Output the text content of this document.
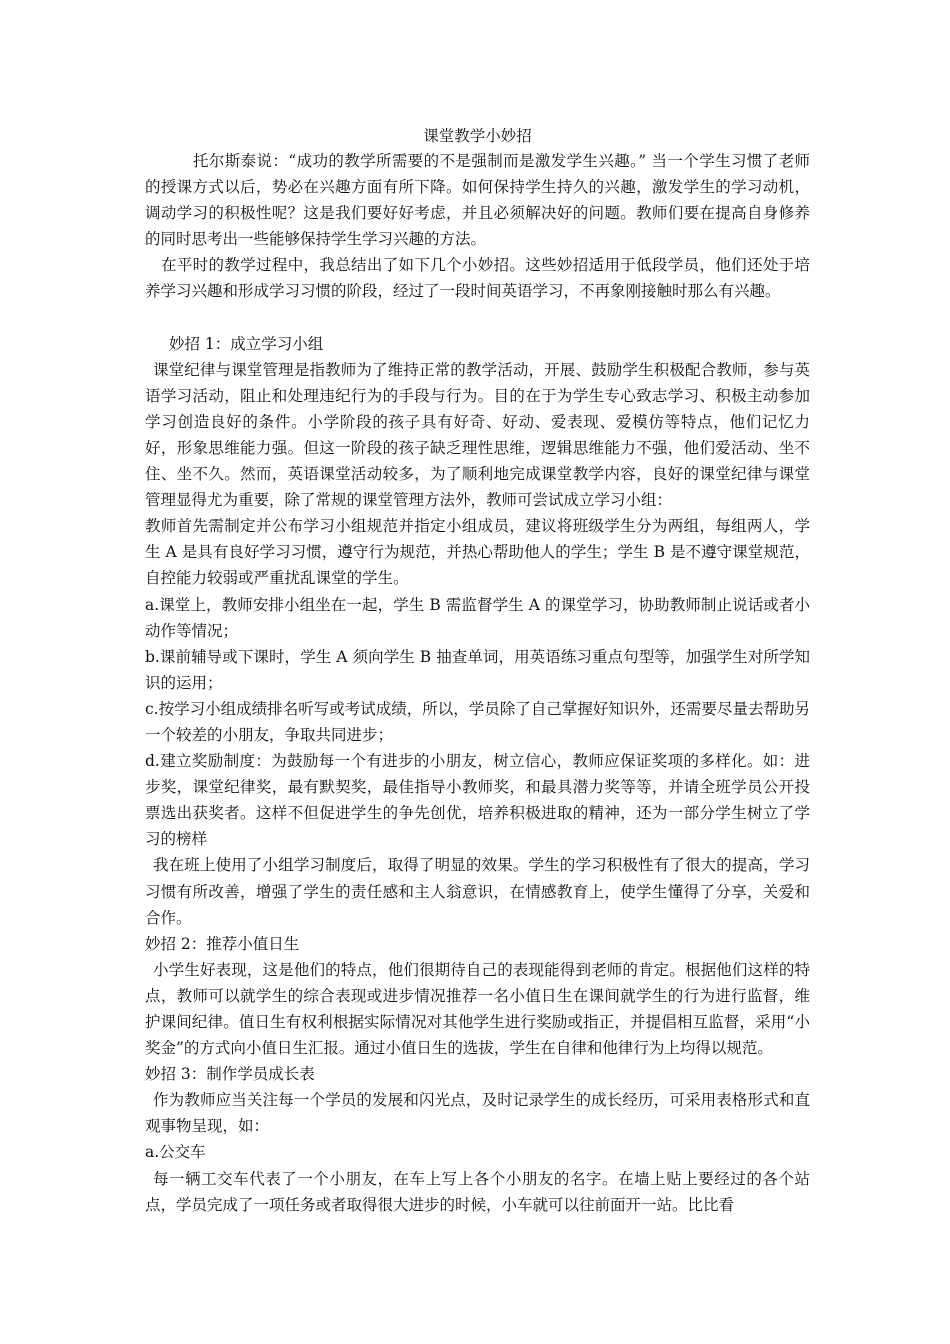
课堂教学小妙招

托尔斯泰说：“成功的教学所需要的不是强制而是激发学生兴趣。” 当一个学生习惯了老师的授课方式以后，势必在兴趣方面有所下降。如何保持学生持久的兴趣，激发学生的学习动机，调动学习的积极性呢？这是我们要好好考虑，并且必须解决好的问题。教师们要在提高自身修养的同时思考出一些能够保持学生学习兴趣的方法。

在平时的教学过程中，我总结出了如下几个小妙招。这些妙招适用于低段学员，他们还处于培养学习兴趣和形成学习习惯的阶段，经过了一段时间英语学习，不再象刚接触时那么有兴趣。

妙招 1：成立学习小组

课堂纪律与课堂管理是指教师为了维持正常的教学活动，开展、鼓励学生积极配合教师，参与英语学习活动，阻止和处理违纪行为的手段与行为。目的在于为学生专心致志学习、积极主动参加学习创造良好的条件。小学阶段的孩子具有好奇、好动、爱表现、爱模仿等特点，他们记忆力好，形象思维能力强。但这一阶段的孩子缺乏理性思维，逻辑思维能力不强，他们爱活动、坐不住、坐不久。然而，英语课堂活动较多，为了顺利地完成课堂教学内容，良好的课堂纪律与课堂管理显得尤为重要，除了常规的课堂管理方法外，教师可尝试成立学习小组：

教师首先需制定并公布学习小组规范并指定小组成员，建议将班级学生分为两组，每组两人，学生 A 是具有良好学习习惯，遵守行为规范，并热心帮助他人的学生；学生 B 是不遵守课堂规范，自控能力较弱或严重扰乱课堂的学生。

a.课堂上，教师安排小组坐在一起，学生 B 需监督学生 A 的课堂学习，协助教师制止说话或者小动作等情况；

b.课前辅导或下课时，学生 A 须向学生 B 抽查单词，用英语练习重点句型等，加强学生对所学知识的运用；

c.按学习小组成绩排名听写或考试成绩，所以，学员除了自己掌握好知识外，还需要尽量去帮助另一个较差的小朋友，争取共同进步；

d.建立奖励制度：为鼓励每一个有进步的小朋友，树立信心，教师应保证奖项的多样化。如：进步奖，课堂纪律奖，最有默契奖，最佳指导小教师奖，和最具潜力奖等等，并请全班学员公开投票选出获奖者。这样不但促进学生的争先创优，培养积极进取的精神，还为一部分学生树立了学习的榜样

我在班上使用了小组学习制度后，取得了明显的效果。学生的学习积极性有了很大的提高，学习习惯有所改善，增强了学生的责任感和主人翁意识，在情感教育上，使学生懂得了分享，关爱和合作。

妙招 2：推荐小值日生

小学生好表现，这是他们的特点，他们很期待自己的表现能得到老师的肯定。根据他们这样的特点，教师可以就学生的综合表现或进步情况推荐一名小值日生在课间就学生的行为进行监督，维护课间纪律。值日生有权利根据实际情况对其他学生进行奖励或指正，并提倡相互监督，采用“小奖金”的方式向小值日生汇报。通过小值日生的选拔，学生在自律和他律行为上均得以规范。

妙招 3：制作学员成长表

作为教师应当关注每一个学员的发展和闪光点，及时记录学生的成长经历，可采用表格形式和直观事物呈现，如：

a.公交车

每一辆工交车代表了一个小朋友，在车上写上各个小朋友的名字。在墙上贴上要经过的各个站点，学员完成了一项任务或者取得很大进步的时候，小车就可以往前面开一站。比比看
